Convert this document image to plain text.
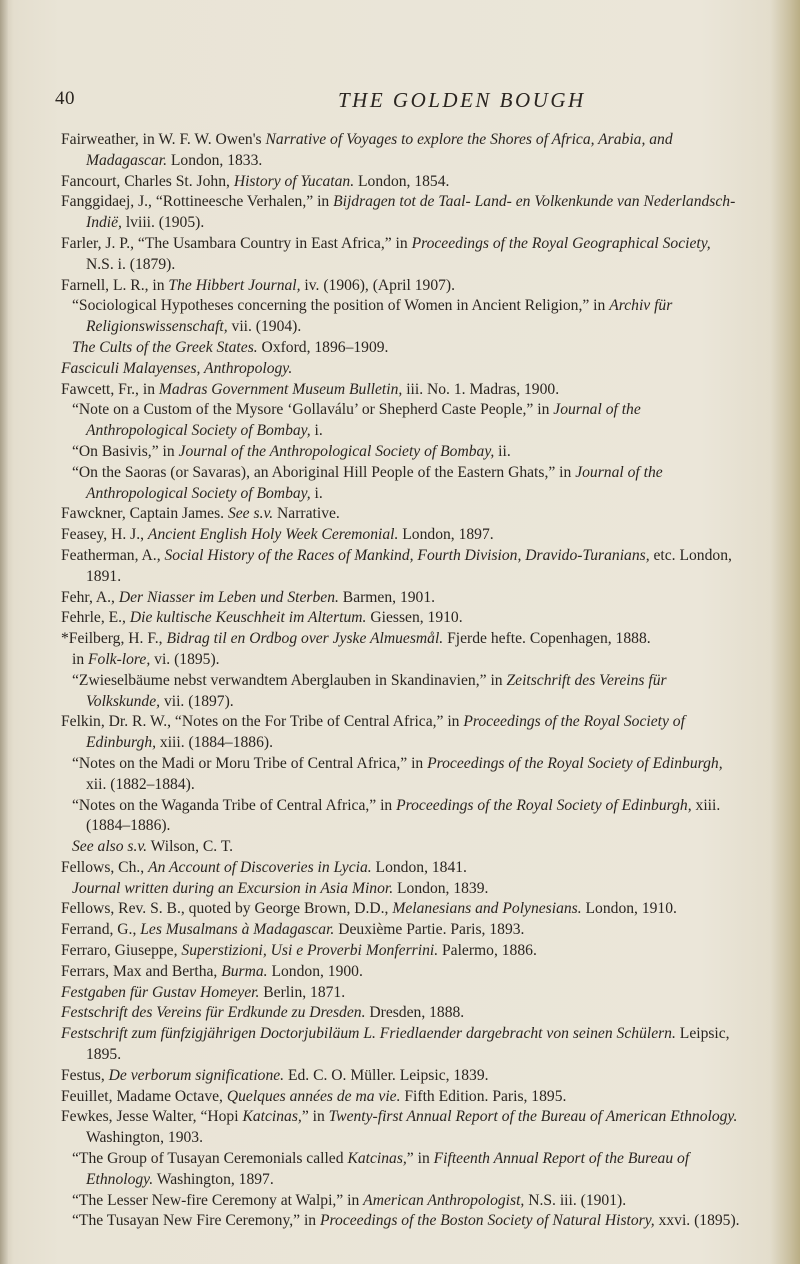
40	THE GOLDEN BOUGH

Fairweather, in W. F. W. Owen's Narrative of Voyages to explore the Shores of Africa, Arabia, and Madagascar. London, 1833.

Fancourt, Charles St. John, History of Yucatan. London, 1854.

Fanggidaej, J., “Rottineesche Verhalen,” in Bijdragen tot de Taal- Land- en Volkenkunde van Nederlandsch-Indië, lviii. (1905).

Farler, J. P., “The Usambara Country in East Africa,” in Proceedings of the Royal Geographical Society, N.S. i. (1879).

Farnell, L. R., in The Hibbert Journal, iv. (1906), (April 1907).

“Sociological Hypotheses concerning the position of Women in Ancient Religion,” in Archiv für Religionswissenschaft, vii. (1904).

The Cults of the Greek States. Oxford, 1896–1909.

Fasciculi Malayenses, Anthropology.

Fawcett, Fr., in Madras Government Museum Bulletin, iii. No. 1. Madras, 1900.

“Note on a Custom of the Mysore ‘Gollaválu’ or Shepherd Caste People,” in Journal of the Anthropological Society of Bombay, i.

“On Basivis,” in Journal of the Anthropological Society of Bombay, ii.

“On the Saoras (or Savaras), an Aboriginal Hill People of the Eastern Ghats,” in Journal of the Anthropological Society of Bombay, i.

Fawckner, Captain James. See s.v. Narrative.

Feasey, H. J., Ancient English Holy Week Ceremonial. London, 1897.

Featherman, A., Social History of the Races of Mankind, Fourth Division, Dravido-Turanians, etc. London, 1891.

Fehr, A., Der Niasser im Leben und Sterben. Barmen, 1901.

Fehrle, E., Die kultische Keuschheit im Altertum. Giessen, 1910.

*Feilberg, H. F., Bidrag til en Ordbog over Jyske Almuesmål. Fjerde hefte. Copenhagen, 1888.

in Folk-lore, vi. (1895).

“Zwieselbäume nebst verwandtem Aberglauben in Skandinavien,” in Zeitschrift des Vereins für Volkskunde, vii. (1897).

Felkin, Dr. R. W., “Notes on the For Tribe of Central Africa,” in Proceedings of the Royal Society of Edinburgh, xiii. (1884–1886).

“Notes on the Madi or Moru Tribe of Central Africa,” in Proceedings of the Royal Society of Edinburgh, xii. (1882–1884).

“Notes on the Waganda Tribe of Central Africa,” in Proceedings of the Royal Society of Edinburgh, xiii. (1884–1886).

See also s.v. Wilson, C. T.

Fellows, Ch., An Account of Discoveries in Lycia. London, 1841.

Journal written during an Excursion in Asia Minor. London, 1839.

Fellows, Rev. S. B., quoted by George Brown, D.D., Melanesians and Polynesians. London, 1910.

Ferrand, G., Les Musalmans à Madagascar. Deuxième Partie. Paris, 1893.

Ferraro, Giuseppe, Superstizioni, Usi e Proverbi Monferrini. Palermo, 1886.

Ferrars, Max and Bertha, Burma. London, 1900.

Festgaben für Gustav Homeyer. Berlin, 1871.

Festschrift des Vereins für Erdkunde zu Dresden. Dresden, 1888.

Festschrift zum fünfzigjährigen Doctorjubiläum L. Friedlaender dargebracht von seinen Schülern. Leipsic, 1895.

Festus, De verborum significatione. Ed. C. O. Müller. Leipsic, 1839.

Feuillet, Madame Octave, Quelques années de ma vie. Fifth Edition. Paris, 1895.

Fewkes, Jesse Walter, “Hopi Katcinas,” in Twenty-first Annual Report of the Bureau of American Ethnology. Washington, 1903.

“The Group of Tusayan Ceremonials called Katcinas,” in Fifteenth Annual Report of the Bureau of Ethnology. Washington, 1897.

“The Lesser New-fire Ceremony at Walpi,” in American Anthropologist, N.S. iii. (1901).

“The Tusayan New Fire Ceremony,” in Proceedings of the Boston Society of Natural History, xxvi. (1895).
